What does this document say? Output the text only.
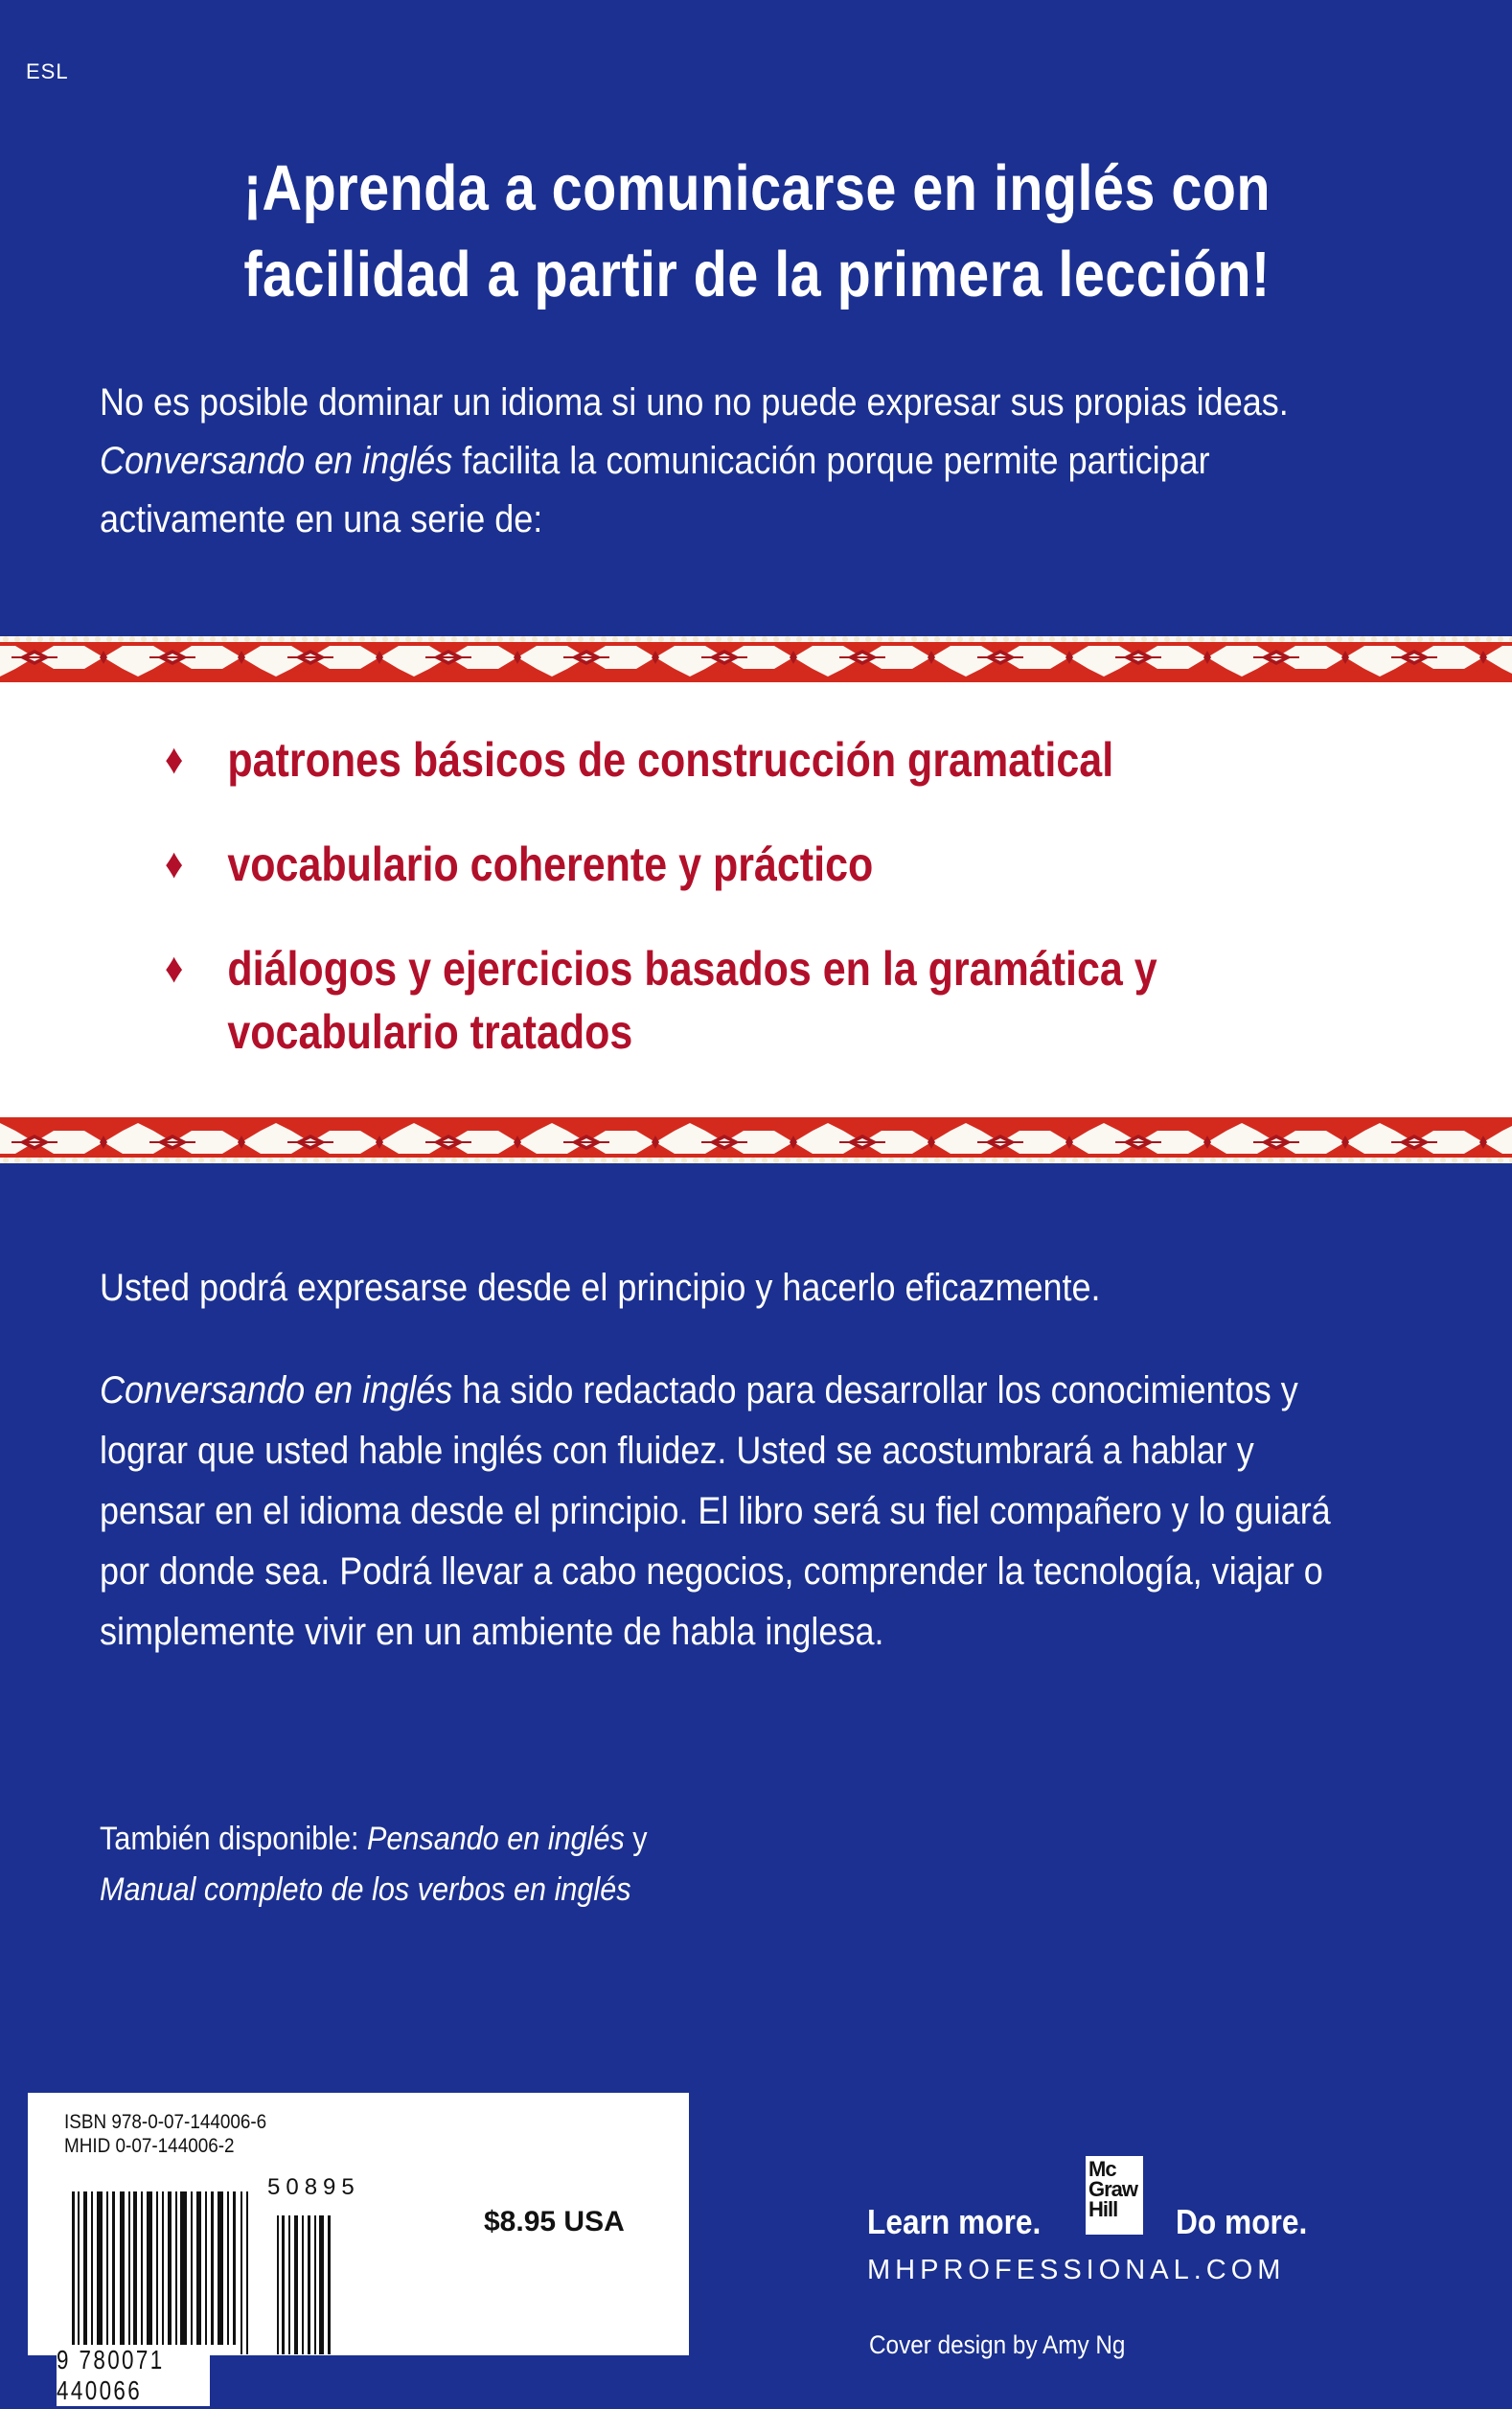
ESL
¡Aprenda a comunicarse en inglés con
facilidad a partir de la primera lección!
No es posible dominar un idioma si uno no puede expresar sus propias ideas. Conversando en inglés facilita la comunicación porque permite participar activamente en una serie de:
♦ patrones básicos de construcción gramatical
♦ vocabulario coherente y práctico
♦ diálogos y ejercicios basados en la gramática y vocabulario tratados
Usted podrá expresarse desde el principio y hacerlo eficazmente.
Conversando en inglés ha sido redactado para desarrollar los conocimientos y lograr que usted hable inglés con fluidez. Usted se acostumbrará a hablar y pensar en el idioma desde el principio. El libro será su fiel compañero y lo guiará por donde sea. Podrá llevar a cabo negocios, comprender la tecnología, viajar o simplemente vivir en un ambiente de habla inglesa.
También disponible: Pensando en inglés y
Manual completo de los verbos en inglés
ISBN 978-0-07-144006-6
MHID 0-07-144006-2
9 780071 440066
50895
$8.95 USA	Learn more.
Mc
Graw
Hill	Do more.
MHPROFESSIONAL.COM
Cover design by Amy Ng
